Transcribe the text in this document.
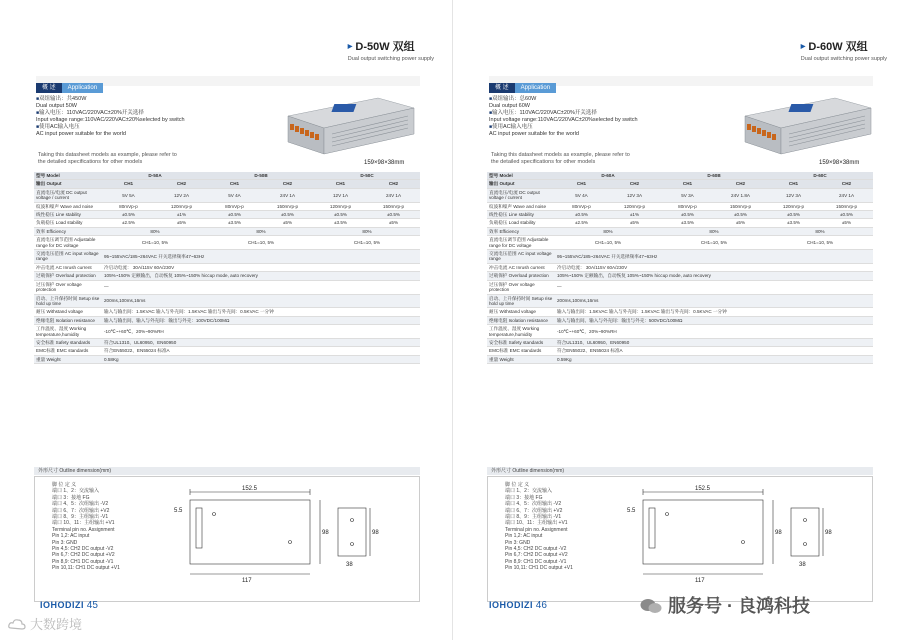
▶ D-50W 双组
Dual output switching power supply
概 述 Application
■ 双组输出：共450W
Dual output 50W
■ 输入电压：110VAC/220VAC±20%开关选择
Input voltage range:110VAC/220VAC±20%selected by switch
■ 使用AC输入电压
AC input power suitable for the world
Taking this datasheet models as example, please refer to
the detailed specifications for other models	159×98×38mm
型号 Model	D-50A		D-50B		D-50C	
输出 Output	CH1	CH2	CH1	CH2	CH1	CH2
直流电压/电流 DC output voltage / current	5V 5A	12V 2A	5V 4A	24V 1A	12V 1A	24V 1A
纹波和噪声 Wave and noise	80mVp-p	120mVp-p	80mVp-p	150mVp-p	120mVp-p	150mVp-p
线性稳压 Line stability	±0.5%	±1%	±0.5%	±0.5%	±0.5%	±0.5%
负载稳压 Load stability	±2.5%	±5%	±3.5%	±5%	±3.5%	±5%
效率 Efficiency	80%		80%		80%	
直流电压调节范围 Adjustable range for DC voltage	CH1=10, 5%		CH1=10, 5%		CH1=10, 5%	
交流电压范围 AC input voltage range	95~155VAC/185~264VAC 开关选择频率47~63Hz					
冲击电流 AC Inrush current	冷启动电流： 30A/115V 60A/230V					
过载保护 Overload protection	105%~150% 定额输出，自动恢复 105%~150% hiccup mode, auto recovery					
过压保护 Over voltage protection	—					
启动、上升保持时间 Setup rise hold up time	200ms,100ms,16ms					
耐压 Withstand voltage	输入与输出间：1.5KVAC 输入与外壳间：1.5KVAC 输出与外壳间：0.5KVAC 一分钟					
绝缘电阻 Isolation resistance	输入与输出间、输入与外壳间：输出与外壳：100VDC/100MΩ					
工作温度、湿度 Working temperature,humidity	-10℃~+60℃，20%~90%RH					
安全标准 Safety standards	符合UL1310、UL60950、EN60950					
EMC标准 EMC standards	符合EN55022、EN55024 标准A					
重量 Weight	0.58Kg					
外形尺寸 Outline dimension(mm)
脚 位 定 义
端口 1、2：交流输入
端口 3：接地 FG
端口 4、5：次组输出 -V2
端口 6、7：次组输出 +V2
端口 8、9：主组输出 -V1
端口 10、11：主组输出 +V1
Terminal pin no. Assignment
Pin 1,2: AC input
Pin 3: GND
Pin 4,5: CH2 DC output -V2
Pin 6,7: CH2 DC output +V2
Pin 8,9: CH1 DC output -V1
Pin 10,11: CH1 DC output +V1
152.5
98
38
117
98
5.5
IOHODIZI 45
▶ D-60W 双组
Dual output switching power supply
概 述 Application
■ 双组输出：总60W
Dual output 60W
■ 输入电压：110VAC/220VAC±20%开关选择
Input voltage range:110VAC/220VAC±20%selected by switch
■ 使用AC输入电压
AC input power suitable for the world
Taking this datasheet models as example, please refer to
the detailed specifications for other models	159×98×38mm
型号 Model	D-60A		D-60B		D-60C	
输出 Output	CH1	CH2	CH1	CH2	CH1	CH2
直流电压/电流 DC output voltage / current	5V 4A	12V 3A	5V 3A	24V 1.8A	12V 3A	24V 1A
纹波和噪声 Wave and noise	80mVp-p	120mVp-p	80mVp-p	150mVp-p	120mVp-p	150mVp-p
线性稳压 Line stability	±0.5%	±1%	±0.5%	±0.5%	±0.5%	±0.5%
负载稳压 Load stability	±2.5%	±5%	±3.5%	±5%	±3.5%	±5%
效率 Efficiency	80%		80%		80%	
直流电压调节范围 Adjustable range for DC voltage	CH1=10, 5%		CH1=10, 5%		CH1=10, 5%	
交流电压范围 AC input voltage range	95~155VAC/185~264VAC 开关选择频率47~63Hz					
冲击电流 AC Inrush current	冷启动电流： 30A/115V 60A/230V					
过载保护 Overload protection	105%~150% 定额输出，自动恢复 105%~150% hiccup mode, auto recovery					
过压保护 Over voltage protection	—					
启动、上升保持时间 Setup rise hold up time	200ms,100ms,16ms					
耐压 Withstand voltage	输入与输出间：1.5KVAC 输入与外壳间：1.5KVAC 输出与外壳间：0.5KVAC 一分钟					
绝缘电阻 Isolation resistance	输入与输出间、输入与外壳间：输出与外壳：500VDC/100MΩ					
工作温度、湿度 Working temperature,humidity	-10℃~+60℃，20%~90%RH					
安全标准 Safety standards	符合UL1310、UL60950、EN60950					
EMC标准 EMC standards	符合EN55022、EN55024 标准A					
重量 Weight	0.59Kg					
外形尺寸 Outline dimension(mm)
脚 位 定 义
端口 1、2：交流输入
端口 3：接地 FG
端口 4、5：次组输出 -V2
端口 6、7：次组输出 +V2
端口 8、9：主组输出 -V1
端口 10、11：主组输出 +V1
Terminal pin no. Assignment
Pin 1,2: AC input
Pin 3: GND
Pin 4,5: CH2 DC output -V2
Pin 6,7: CH2 DC output +V2
Pin 8,9: CH1 DC output -V1
Pin 10,11: CH1 DC output +V1
152.5
98
38
117
98
5.5
IOHODIZI 46
大数跨境
服务号 · 良鸿科技
